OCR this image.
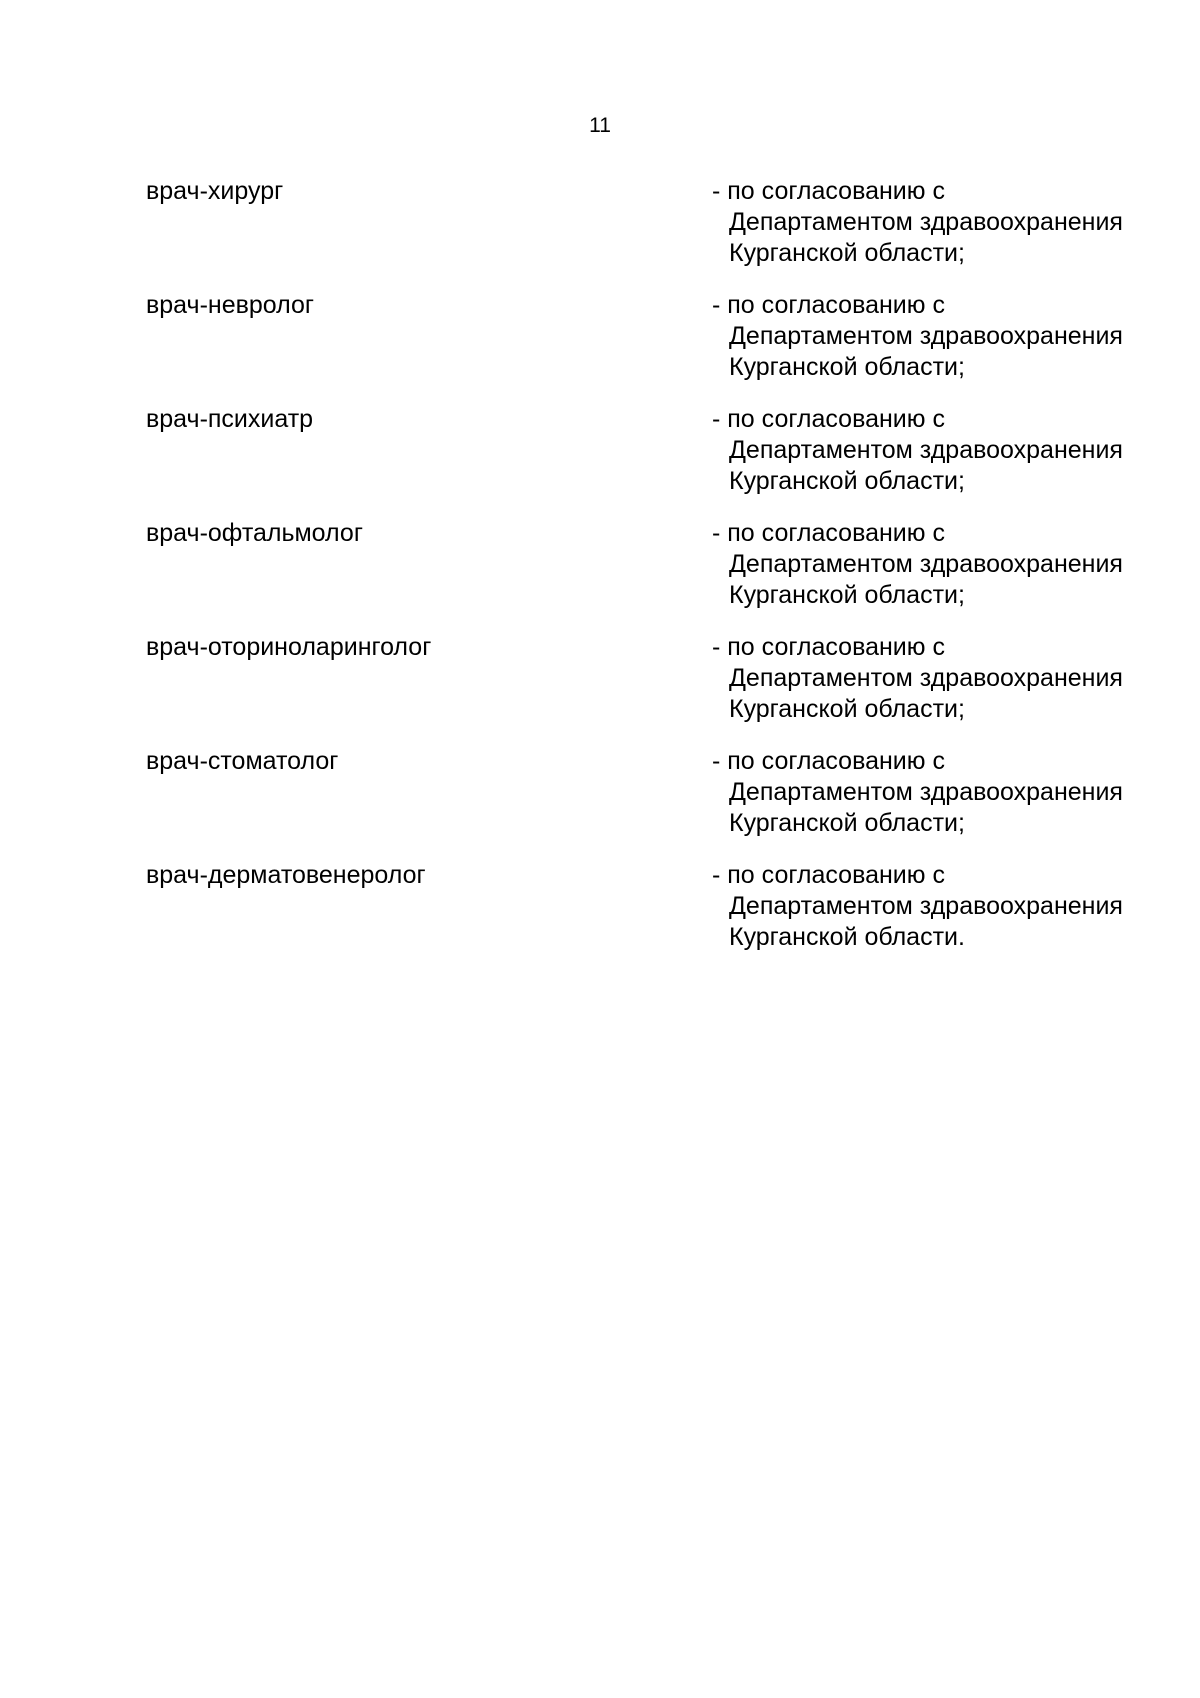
11
врач-хирург	- по согласованию с
Департаментом здравоохранения
Курганской области;
врач-невролог	- по согласованию с
Департаментом здравоохранения
Курганской области;
врач-психиатр	- по согласованию с
Департаментом здравоохранения
Курганской области;
врач-офтальмолог	- по согласованию с
Департаментом здравоохранения
Курганской области;
врач-оториноларинголог	- по согласованию с
Департаментом здравоохранения
Курганской области;
врач-стоматолог	- по согласованию с
Департаментом здравоохранения
Курганской области;
врач-дерматовенеролог	- по согласованию с
Департаментом здравоохранения
Курганской области.
